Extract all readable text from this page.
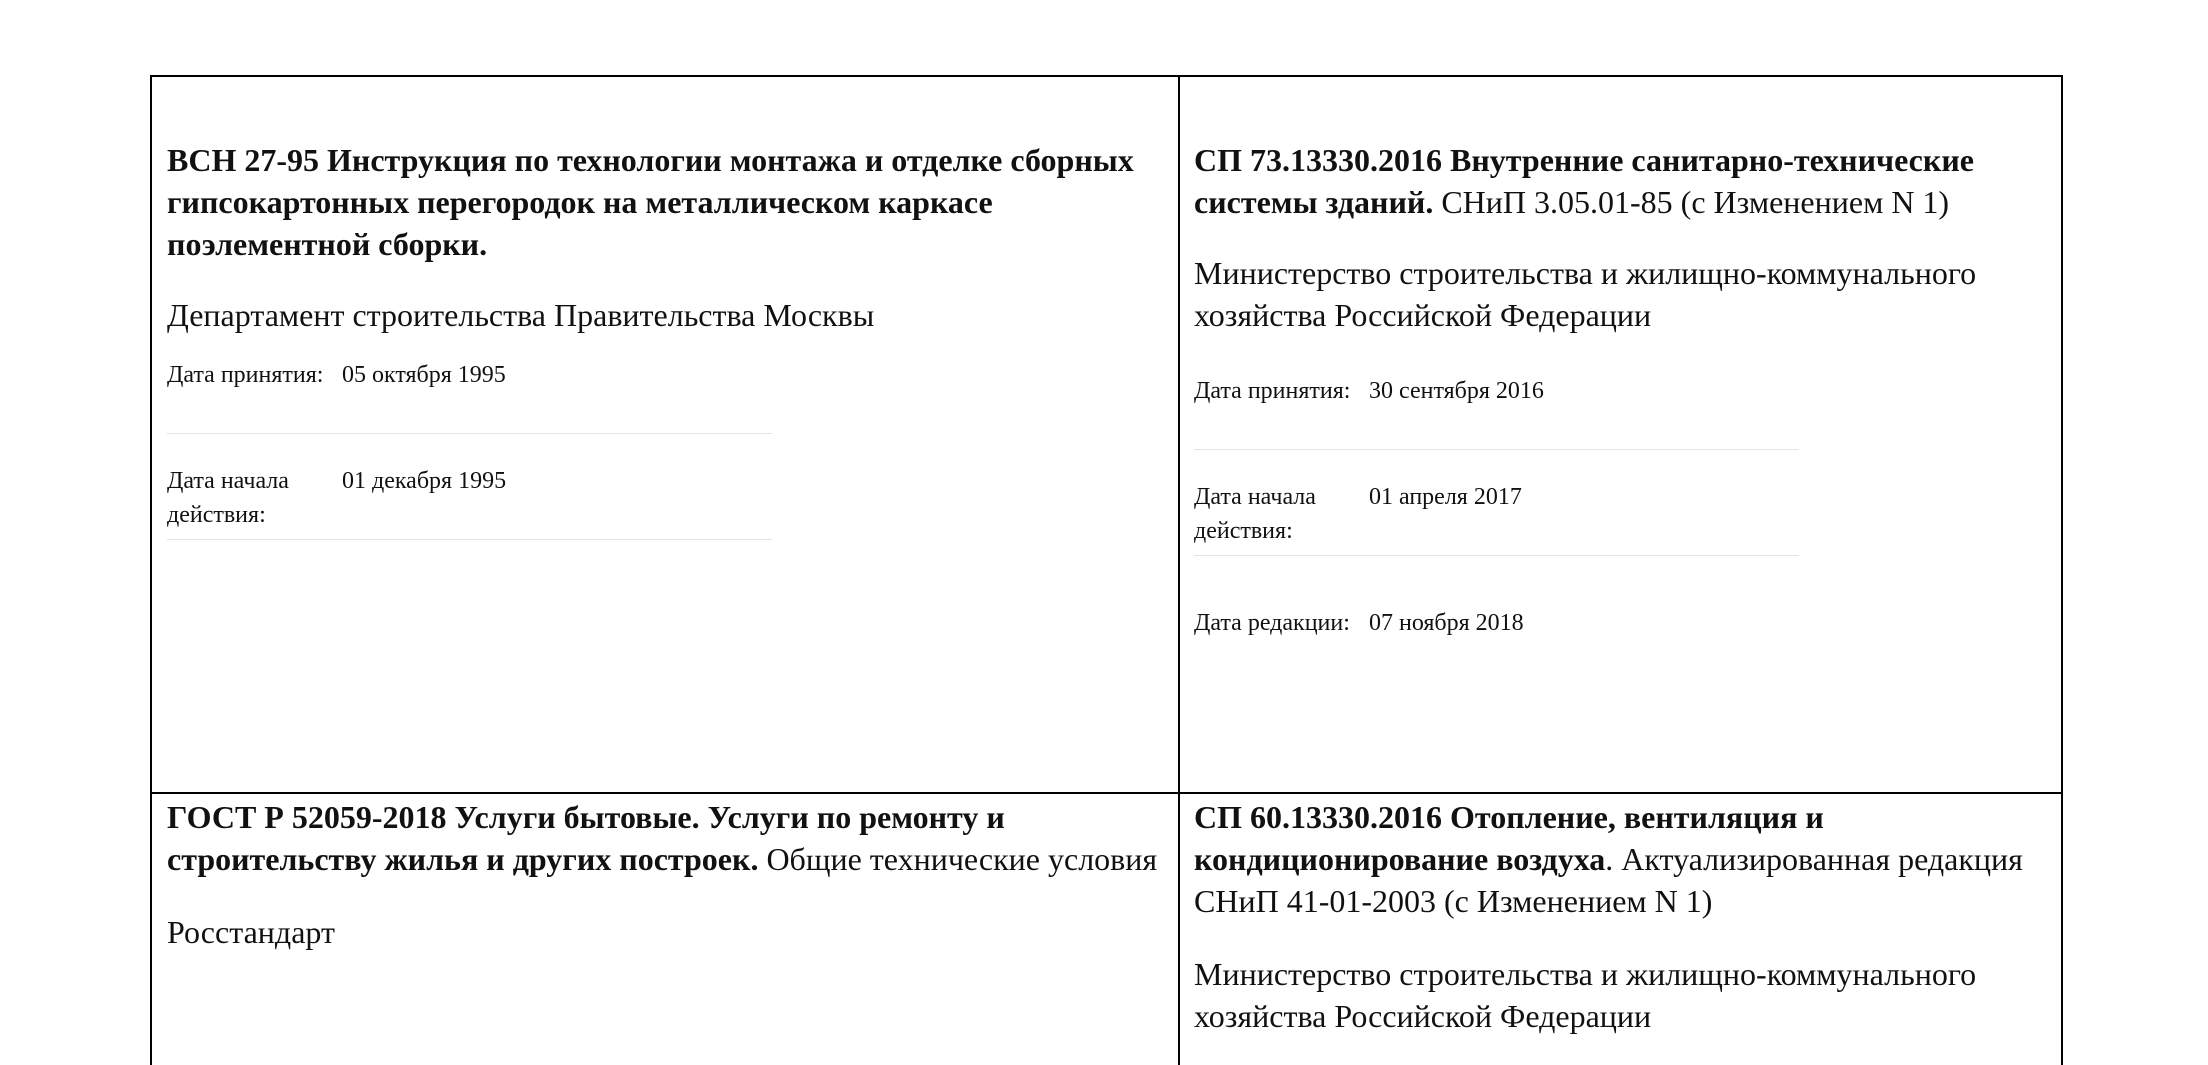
ВСН 27-95 Инструкция по технологии монтажа и отделке сборных гипсокартонных перегородок на металлическом каркасе поэлементной сборки.

Департамент строительства Правительства Москвы

Дата принятия: 05 октября 1995
Дата начала действия:
01 декабря 1995

СП 73.13330.2016 Внутренние санитарно-технические системы зданий. СНиП 3.05.01-85 (с Изменением N 1)

Министерство строительства и жилищно-коммунального хозяйства Российской Федерации

Дата принятия: 30 сентября 2016
Дата начала действия:
01 апреля 2017
Дата редакции: 07 ноября 2018

ГОСТ Р 52059-2018 Услуги бытовые. Услуги по ремонту и строительству жилья и других построек. Общие технические условия

Росстандарт

СП 60.13330.2016 Отопление, вентиляция и кондиционирование воздуха. Актуализированная редакция СНиП 41-01-2003 (с Изменением N 1)

Министерство строительства и жилищно-коммунального хозяйства Российской Федерации
